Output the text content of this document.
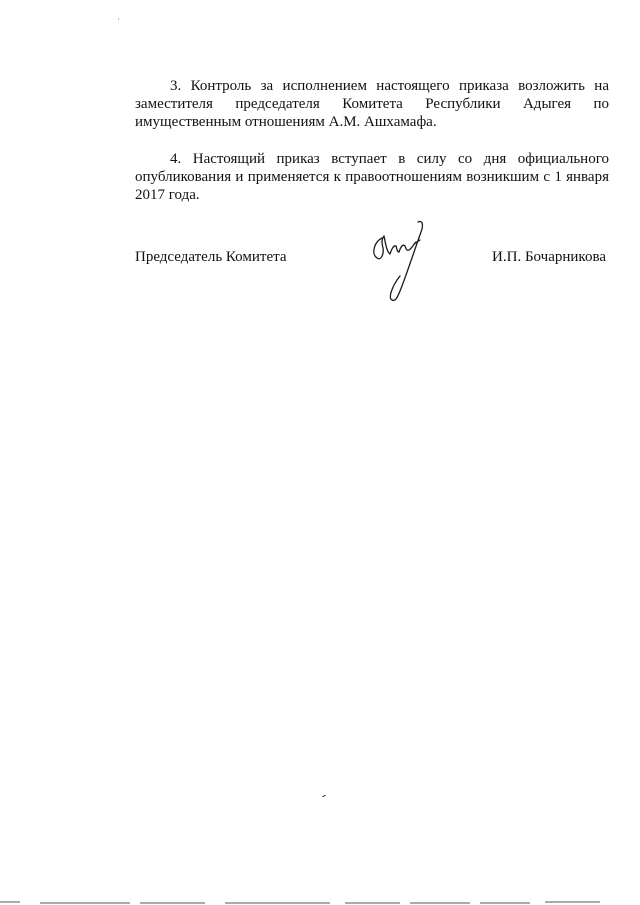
3. Контроль за исполнением настоящего приказа возложить на заместителя председателя Комитета Республики Адыгея по имущественным отношениям А.М. Ашхамафа.

4. Настоящий приказ вступает в силу со дня официального опубликования и применяется к правоотношениям возникшим с 1 января 2017 года.

Председатель Комитета	И.П. Бочарникова
